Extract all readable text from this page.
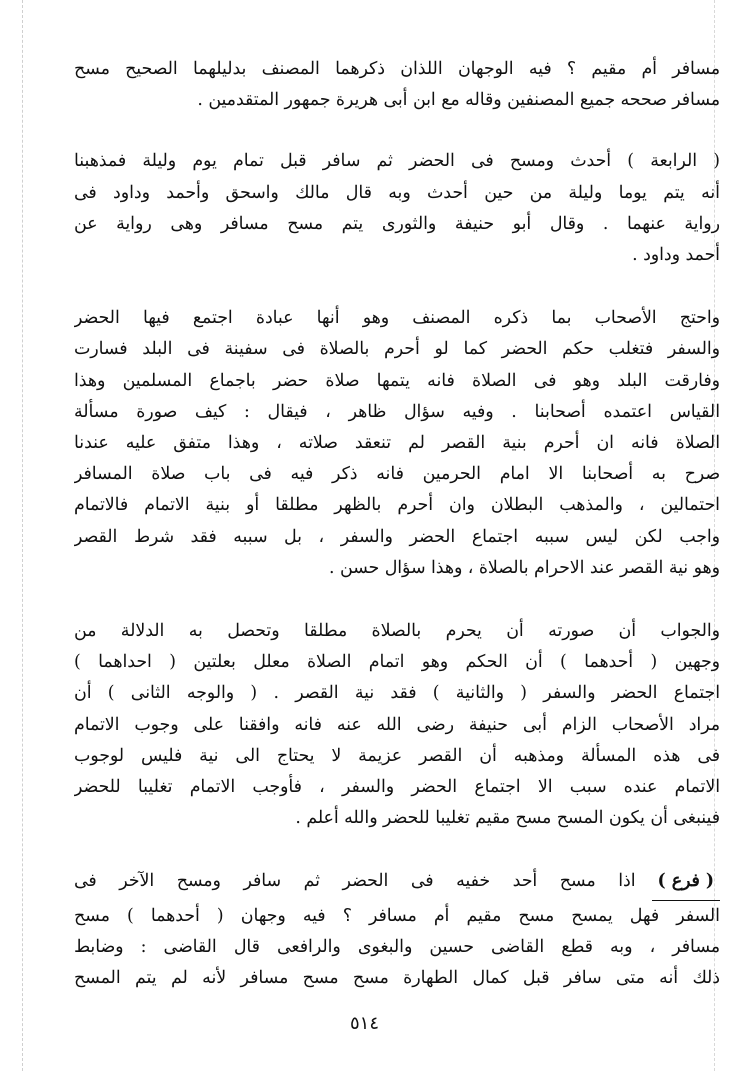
مسافر أم مقيم ؟ فيه الوجهان اللذان ذكرهما المصنف بدليلهما الصحيح مسح
مسافر صححه جميع المصنفين وقاله مع ابن أبى هريرة جمهور المتقدمين .
( الرابعة ) أحدث ومسح فى الحضر ثم سافر قبل تمام يوم وليلة فمذهبنا
أنه يتم يوما وليلة من حين أحدث وبه قال مالك واسحق وأحمد وداود فى
رواية عنهما . وقال أبو حنيفة والثورى يتم مسح مسافر وهى رواية عن
أحمد وداود .
واحتج الأصحاب بما ذكره المصنف وهو أنها عبادة اجتمع فيها الحضر
والسفر فتغلب حكم الحضر كما لو أحرم بالصلاة فى سفينة فى البلد فسارت
وفارقت البلد وهو فى الصلاة فانه يتمها صلاة حضر باجماع المسلمين وهذا
القياس اعتمده أصحابنا . وفيه سؤال ظاهر ، فيقال : كيف صورة مسألة
الصلاة فانه ان أحرم بنية القصر لم تنعقد صلاته ، وهذا متفق عليه عندنا
صرح به أصحابنا الا امام الحرمين فانه ذكر فيه فى باب صلاة المسافر
احتمالين ، والمذهب البطلان وان أحرم بالظهر مطلقا أو بنية الاتمام فالاتمام
واجب لكن ليس سببه اجتماع الحضر والسفر ، بل سببه فقد شرط القصر
وهو نية القصر عند الاحرام بالصلاة ، وهذا سؤال حسن .
والجواب أن صورته أن يحرم بالصلاة مطلقا وتحصل به الدلالة من
وجهين ( أحدهما ) أن الحكم وهو اتمام الصلاة معلل بعلتين ( احداهما )
اجتماع الحضر والسفر ( والثانية ) فقد نية القصر . ( والوجه الثانى ) أن
مراد الأصحاب الزام أبى حنيفة رضى الله عنه فانه وافقنا على وجوب الاتمام
فى هذه المسألة ومذهبه أن القصر عزيمة لا يحتاج الى نية فليس لوجوب
الاتمام عنده سبب الا اجتماع الحضر والسفر ، فأوجب الاتمام تغليبا للحضر
فينبغى أن يكون المسح مسح مقيم تغليبا للحضر والله أعلم .
( فرع )
اذا مسح أحد خفيه فى الحضر ثم سافر ومسح الآخر فى
السفر فهل يمسح مسح مقيم أم مسافر ؟ فيه وجهان ( أحدهما ) مسح
مسافر ، وبه قطع القاضى حسين والبغوى والرافعى قال القاضى : وضابط
ذلك أنه متى سافر قبل كمال الطهارة مسح مسح مسافر لأنه لم يتم المسح
٥١٤
